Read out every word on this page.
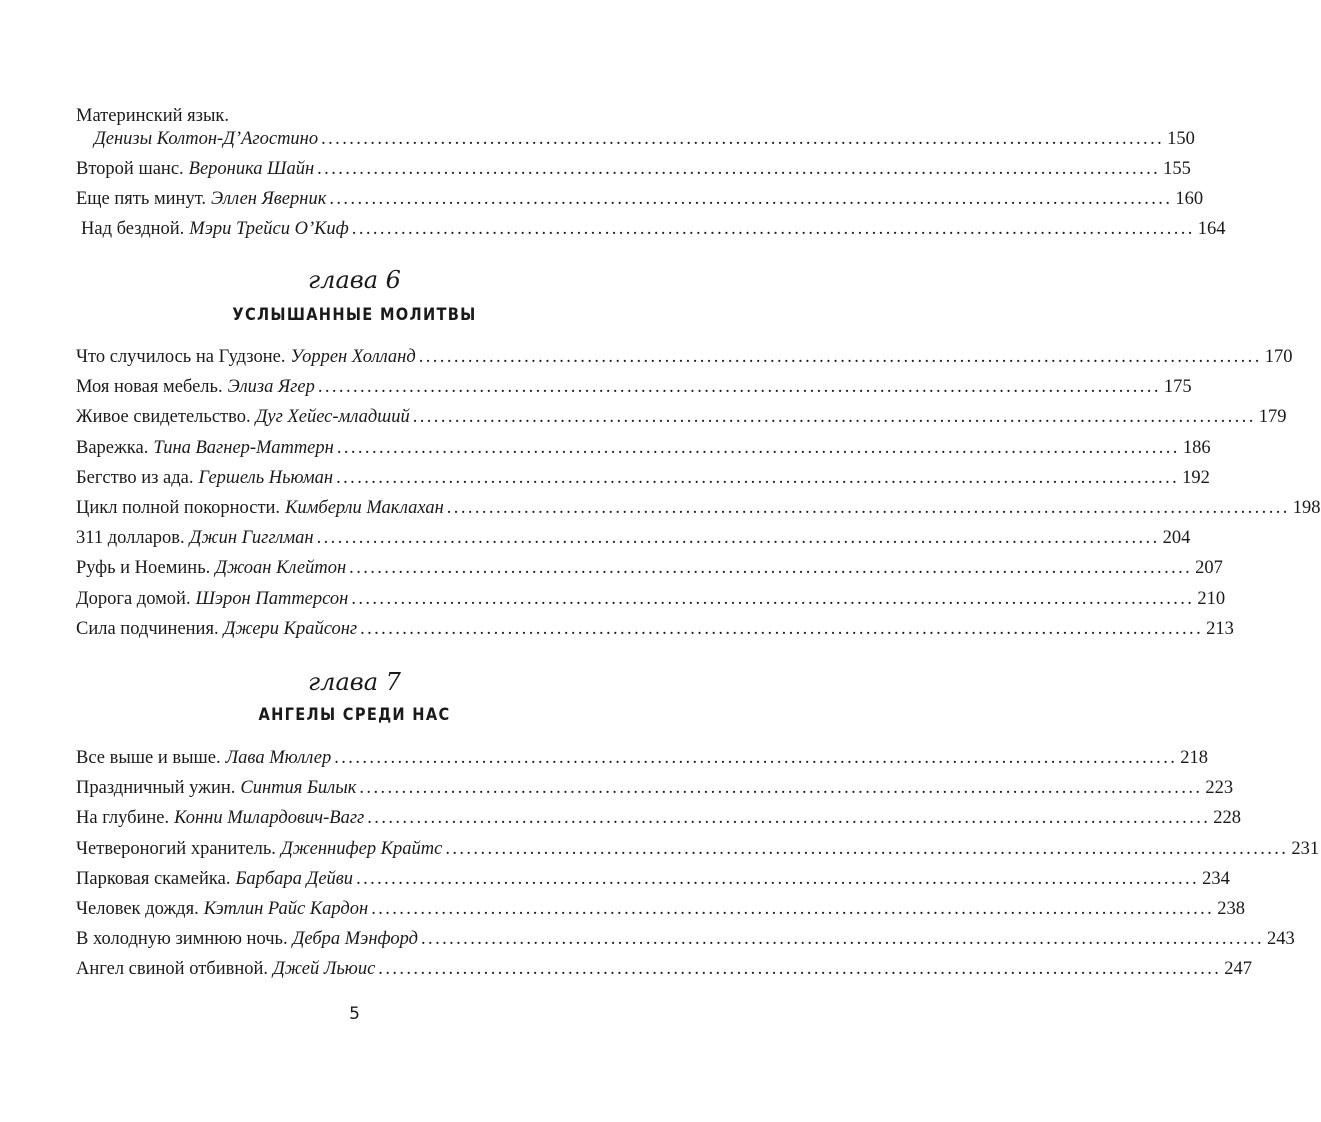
Материнский язык.
Денизы Колтон-Д’Агостино ........................................................................................................................ 150
Второй шанс. Вероника Шайн ........................................................................................................................ 155
Еще пять минут. Эллен Яверник ........................................................................................................................ 160
Над бездной. Мэри Трейси О’Киф ........................................................................................................................ 164
глава 6
УСЛЫШАННЫЕ МОЛИТВЫ
Что случилось на Гудзоне. Уоррен Холланд ........................................................................................................................ 170
Моя новая мебель. Элиза Ягер ........................................................................................................................ 175
Живое свидетельство. Дуг Хейес-младший ........................................................................................................................ 179
Варежка. Тина Вагнер-Маттерн ........................................................................................................................ 186
Бегство из ада. Гершель Ньюман ........................................................................................................................ 192
Цикл полной покорности. Кимберли Маклахан ........................................................................................................................ 198
311 долларов. Джин Гигглман ........................................................................................................................ 204
Руфь и Ноеминь. Джоан Клейтон ........................................................................................................................ 207
Дорога домой. Шэрон Паттерсон ........................................................................................................................ 210
Сила подчинения. Джери Крайсонг ........................................................................................................................ 213
глава 7
АНГЕЛЫ СРЕДИ НАС
Все выше и выше. Лава Мюллер ........................................................................................................................ 218
Праздничный ужин. Синтия Билык ........................................................................................................................ 223
На глубине. Конни Милардович-Вагг ........................................................................................................................ 228
Четвероногий хранитель. Дженнифер Крайтс ........................................................................................................................ 231
Парковая скамейка. Барбара Дейви ........................................................................................................................ 234
Человек дождя. Кэтлин Райс Кардон ........................................................................................................................ 238
В холодную зимнюю ночь. Дебра Мэнфорд ........................................................................................................................ 243
Ангел свиной отбивной. Джей Льюис ........................................................................................................................ 247
5
